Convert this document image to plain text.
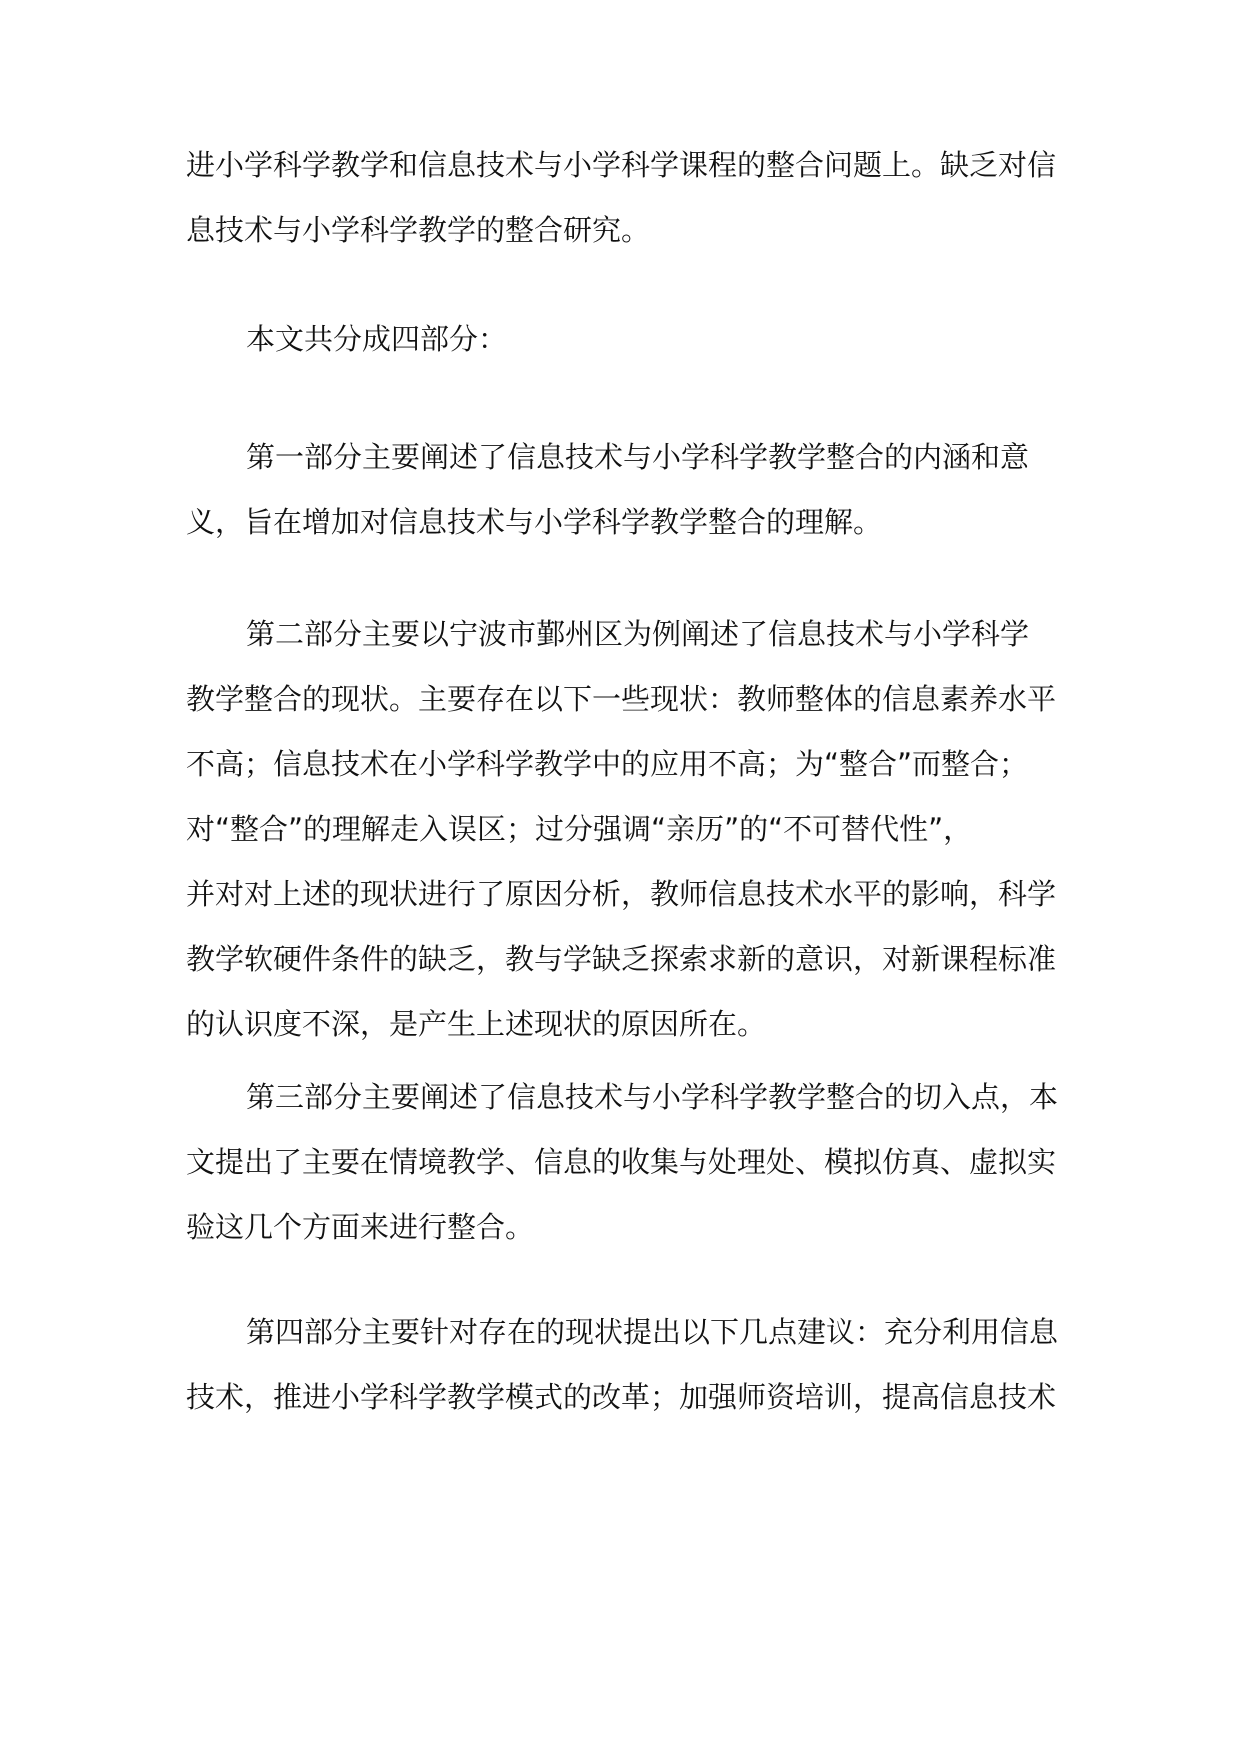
进小学科学教学和信息技术与小学科学课程的整合问题上。缺乏对信
息技术与小学科学教学的整合研究。
本文共分成四部分：
第一部分主要阐述了信息技术与小学科学教学整合的内涵和意
义，旨在增加对信息技术与小学科学教学整合的理解。
第二部分主要以宁波市鄞州区为例阐述了信息技术与小学科学
教学整合的现状。主要存在以下一些现状：教师整体的信息素养水平
不高；信息技术在小学科学教学中的应用不高；为“整合”而整合；
对“整合”的理解走入误区；过分强调“亲历”的“不可替代性”，
并对对上述的现状进行了原因分析，教师信息技术水平的影响，科学
教学软硬件条件的缺乏，教与学缺乏探索求新的意识，对新课程标准
的认识度不深，是产生上述现状的原因所在。
第三部分主要阐述了信息技术与小学科学教学整合的切入点，本
文提出了主要在情境教学、信息的收集与处理处、模拟仿真、虚拟实
验这几个方面来进行整合。
第四部分主要针对存在的现状提出以下几点建议：充分利用信息
技术，推进小学科学教学模式的改革；加强师资培训，提高信息技术
